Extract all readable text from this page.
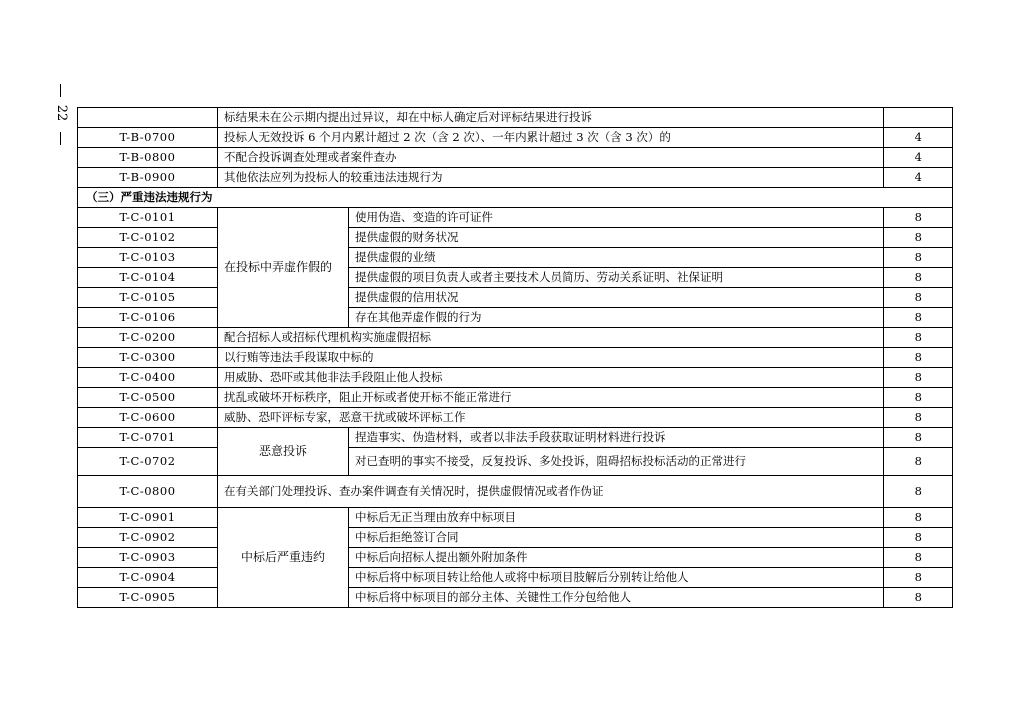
22
		标结果未在公示期内提出过异议，却在中标人确定后对评标结果进行投诉		
T-B-0700	投标人无效投诉 6 个月内累计超过 2 次（含 2 次）、一年内累计超过 3 次（含 3 次）的		4
T-B-0800	不配合投诉调查处理或者案件查办		4
T-B-0900	其他依法应列为投标人的较重违法违规行为		4
（三）严重违法违规行为			
T-C-0101	在投标中弄虚作假的	使用伪造、变造的许可证件	8
T-C-0102		提供虚假的财务状况	8
T-C-0103		提供虚假的业绩	8
T-C-0104		提供虚假的项目负责人或者主要技术人员简历、劳动关系证明、社保证明	8
T-C-0105		提供虚假的信用状况	8
T-C-0106		存在其他弄虚作假的行为	8
T-C-0200	配合招标人或招标代理机构实施虚假招标		8
T-C-0300	以行贿等违法手段谋取中标的		8
T-C-0400	用威胁、恐吓或其他非法手段阻止他人投标		8
T-C-0500	扰乱或破坏开标秩序，阻止开标或者使开标不能正常进行		8
T-C-0600	威胁、恐吓评标专家，恶意干扰或破坏评标工作		8
T-C-0701	恶意投诉	捏造事实、伪造材料，或者以非法手段获取证明材料进行投诉	8
T-C-0702		对已查明的事实不接受，反复投诉、多处投诉，阻碍招标投标活动的正常进行	8
T-C-0800	在有关部门处理投诉、查办案件调查有关情况时，提供虚假情况或者作伪证		8
T-C-0901	中标后严重违约	中标后无正当理由放弃中标项目	8
T-C-0902		中标后拒绝签订合同	8
T-C-0903		中标后向招标人提出额外附加条件	8
T-C-0904		中标后将中标项目转让给他人或将中标项目肢解后分别转让给他人	8
T-C-0905		中标后将中标项目的部分主体、关键性工作分包给他人	8
